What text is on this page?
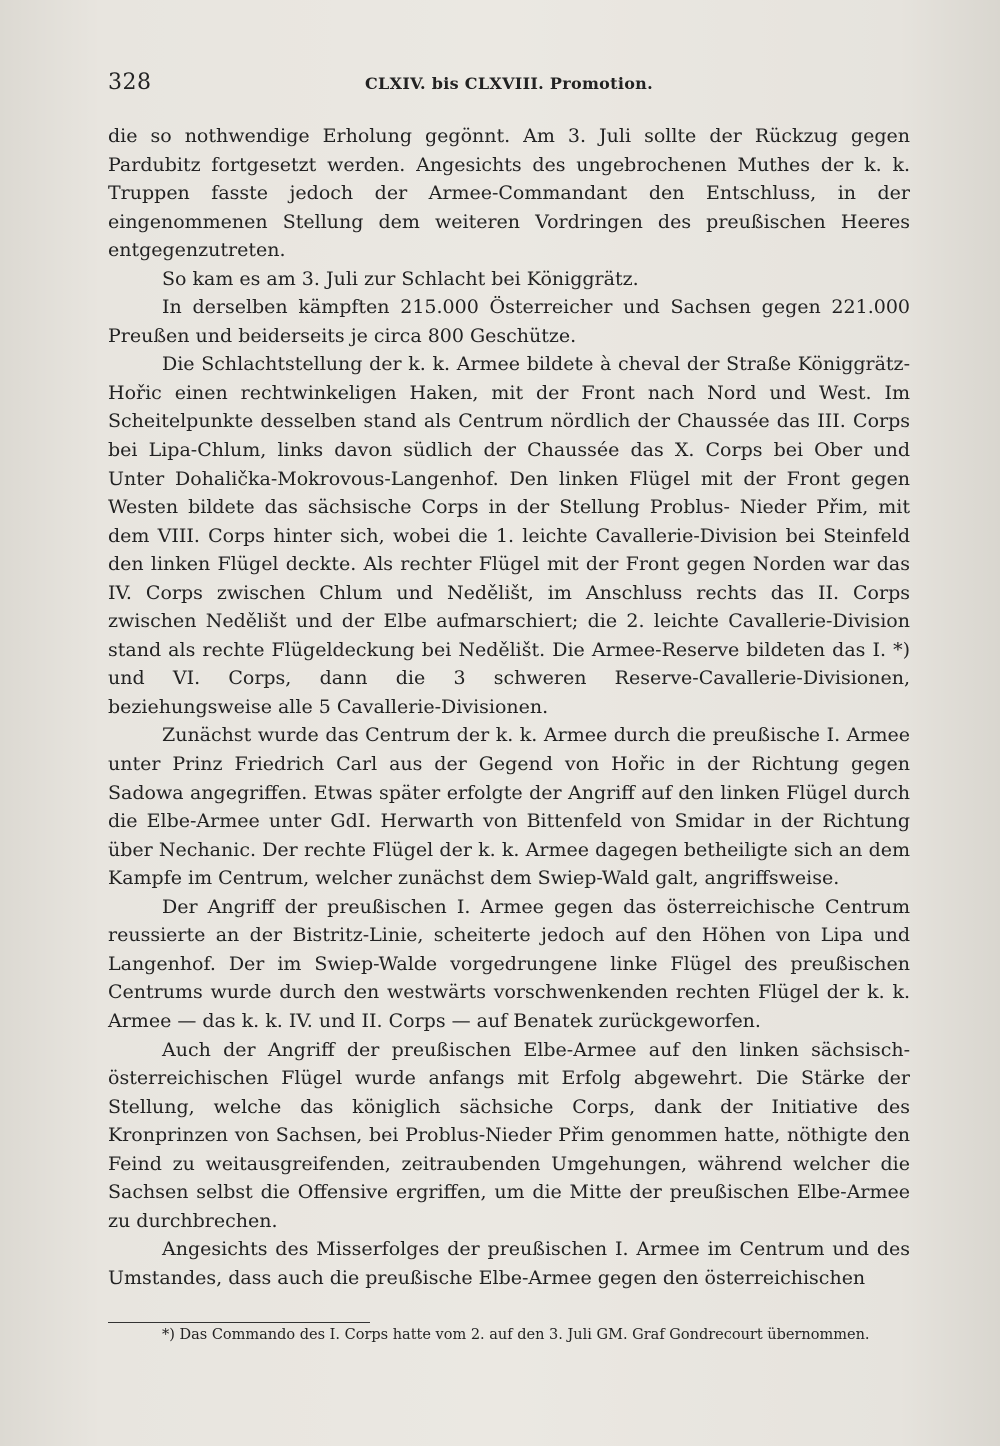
328	CLXIV. bis CLXVIII. Promotion.

die so nothwendige Erholung gegönnt. Am 3. Juli sollte der Rückzug gegen Pardubitz fortgesetzt werden. Angesichts des ungebrochenen Muthes der k. k. Truppen fasste jedoch der Armee-Commandant den Entschluss, in der eingenommenen Stellung dem weiteren Vordringen des preußischen Heeres entgegenzutreten.

So kam es am 3. Juli zur Schlacht bei Königgrätz.

In derselben kämpften 215.000 Österreicher und Sachsen gegen 221.000 Preußen und beiderseits je circa 800 Geschütze.

Die Schlachtstellung der k. k. Armee bildete à cheval der Straße Königgrätz-Hořic einen rechtwinkeligen Haken, mit der Front nach Nord und West. Im Scheitelpunkte desselben stand als Centrum nördlich der Chaussée das III. Corps bei Lipa-Chlum, links davon südlich der Chaussée das X. Corps bei Ober und Unter Dohalička-Mokrovous-Langenhof. Den linken Flügel mit der Front gegen Westen bildete das sächsische Corps in der Stellung Problus- Nieder Přim, mit dem VIII. Corps hinter sich, wobei die 1. leichte Cavallerie-Division bei Steinfeld den linken Flügel deckte. Als rechter Flügel mit der Front gegen Norden war das IV. Corps zwischen Chlum und Nedělišt, im Anschluss rechts das II. Corps zwischen Nedělišt und der Elbe aufmarschiert; die 2. leichte Cavallerie-Division stand als rechte Flügeldeckung bei Nedělišt. Die Armee-Reserve bildeten das I. *) und VI. Corps, dann die 3 schweren Reserve-Cavallerie-Divisionen, beziehungsweise alle 5 Cavallerie-Divisionen.

Zunächst wurde das Centrum der k. k. Armee durch die preußische I. Armee unter Prinz Friedrich Carl aus der Gegend von Hořic in der Richtung gegen Sadowa angegriffen. Etwas später erfolgte der Angriff auf den linken Flügel durch die Elbe-Armee unter GdI. Herwarth von Bittenfeld von Smidar in der Richtung über Nechanic. Der rechte Flügel der k. k. Armee dagegen betheiligte sich an dem Kampfe im Centrum, welcher zunächst dem Swiep-Wald galt, angriffsweise.

Der Angriff der preußischen I. Armee gegen das österreichische Centrum reussierte an der Bistritz-Linie, scheiterte jedoch auf den Höhen von Lipa und Langenhof. Der im Swiep-Walde vorgedrungene linke Flügel des preußischen Centrums wurde durch den westwärts vorschwenkenden rechten Flügel der k. k. Armee — das k. k. IV. und II. Corps — auf Benatek zurückgeworfen.

Auch der Angriff der preußischen Elbe-Armee auf den linken sächsisch-österreichischen Flügel wurde anfangs mit Erfolg abgewehrt. Die Stärke der Stellung, welche das königlich sächsiche Corps, dank der Initiative des Kronprinzen von Sachsen, bei Problus-Nieder Přim genommen hatte, nöthigte den Feind zu weitausgreifenden, zeitraubenden Umgehungen, während welcher die Sachsen selbst die Offensive ergriffen, um die Mitte der preußischen Elbe-Armee zu durchbrechen.

Angesichts des Misserfolges der preußischen I. Armee im Centrum und des Umstandes, dass auch die preußische Elbe-Armee gegen den österreichischen

*) Das Commando des I. Corps hatte vom 2. auf den 3. Juli GM. Graf Gondrecourt übernommen.
